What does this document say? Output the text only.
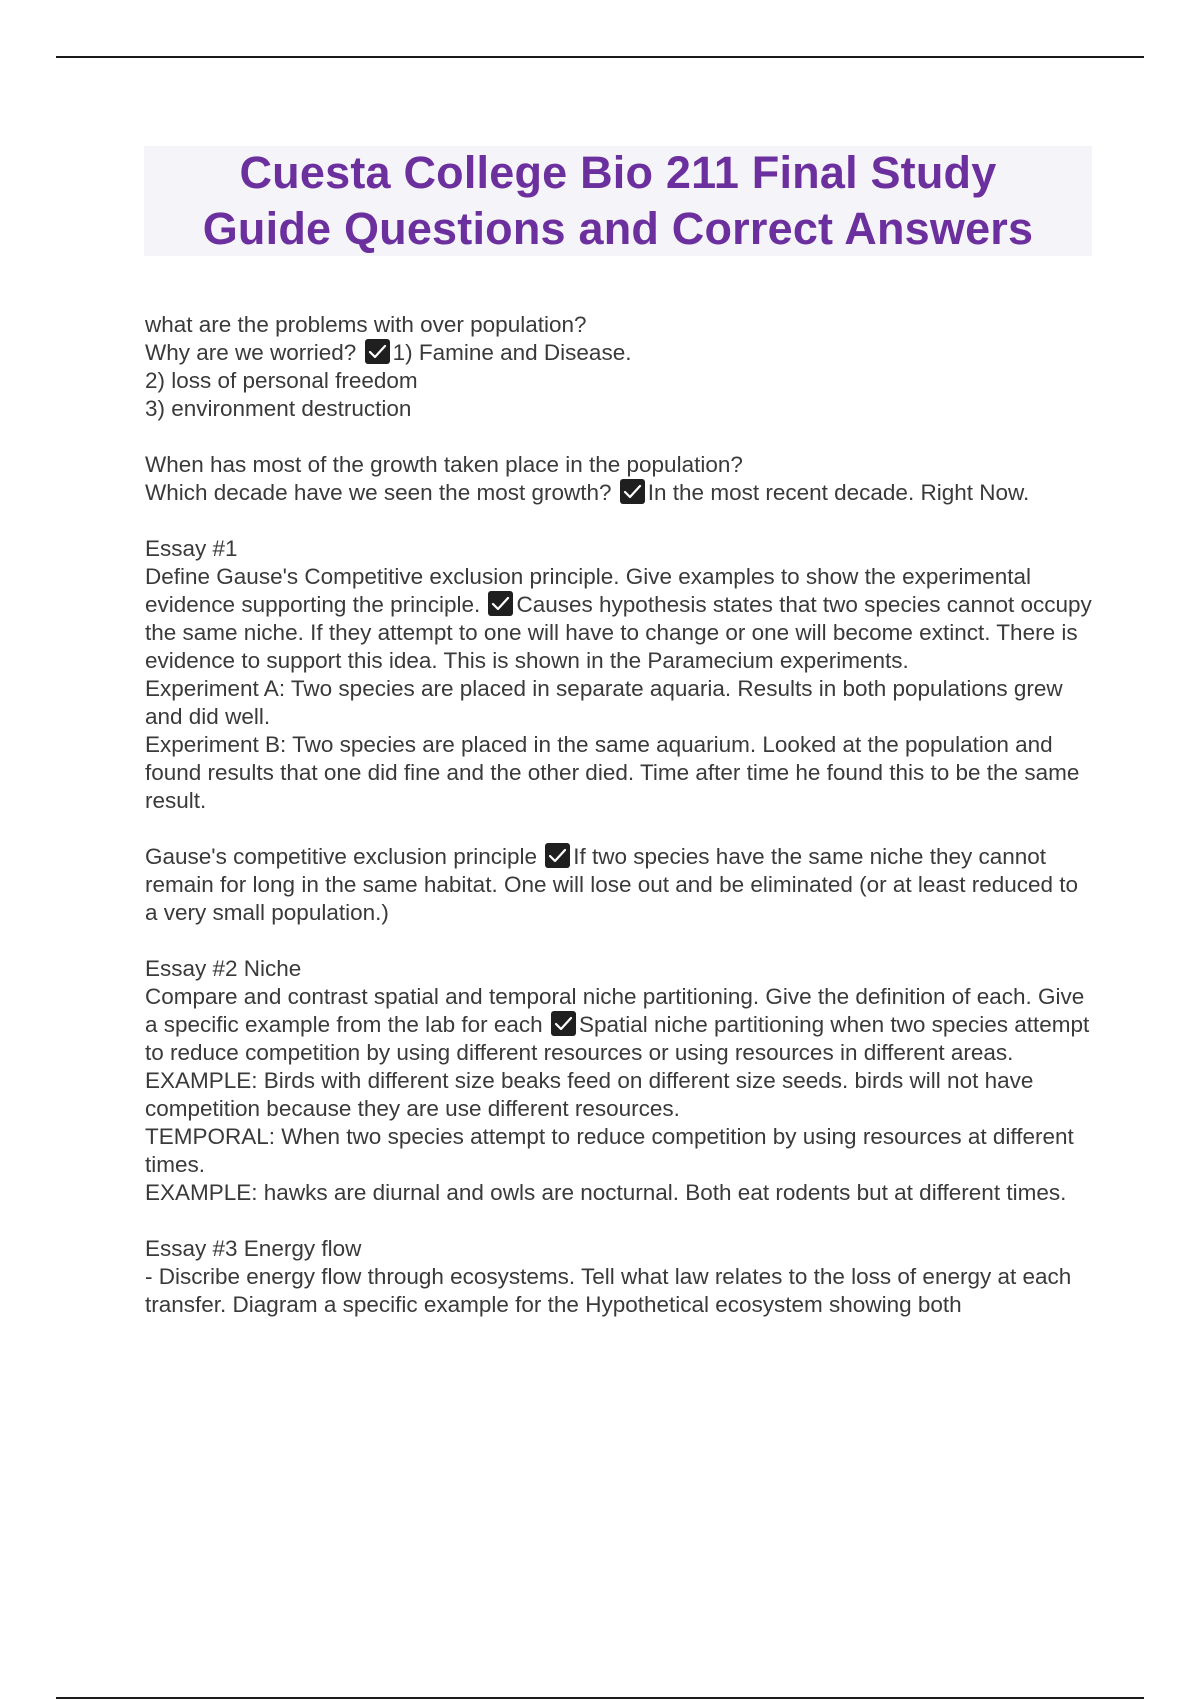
Cuesta College Bio 211 Final Study
Guide Questions and Correct Answers

what are the problems with over population?
Why are we worried? 1) Famine and Disease.
2) loss of personal freedom
3) environment destruction

When has most of the growth taken place in the population?
Which decade have we seen the most growth? In the most recent decade. Right Now.

Essay #1
Define Gause's Competitive exclusion principle. Give examples to show the experimental evidence supporting the principle. Causes hypothesis states that two species cannot occupy the same niche. If they attempt to one will have to change or one will become extinct. There is evidence to support this idea. This is shown in the Paramecium experiments.
Experiment A: Two species are placed in separate aquaria. Results in both populations grew and did well.
Experiment B: Two species are placed in the same aquarium. Looked at the population and found results that one did fine and the other died. Time after time he found this to be the same result.

Gause's competitive exclusion principle If two species have the same niche they cannot remain for long in the same habitat. One will lose out and be eliminated (or at least reduced to a very small population.)

Essay #2 Niche
Compare and contrast spatial and temporal niche partitioning. Give the definition of each. Give a specific example from the lab for each Spatial niche partitioning when two species attempt to reduce competition by using different resources or using resources in different areas.
EXAMPLE: Birds with different size beaks feed on different size seeds. birds will not have competition because they are use different resources.
TEMPORAL: When two species attempt to reduce competition by using resources at different times.
EXAMPLE: hawks are diurnal and owls are nocturnal. Both eat rodents but at different times.

Essay #3 Energy flow
- Discribe energy flow through ecosystems. Tell what law relates to the loss of energy at each transfer. Diagram a specific example for the Hypothetical ecosystem showing both
